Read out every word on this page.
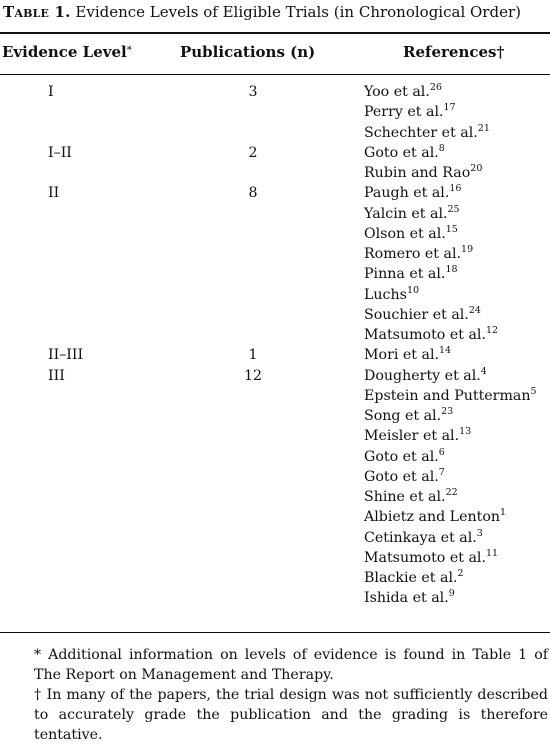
Table 1. Evidence Levels of Eligible Trials (in Chronological Order)
Evidence Level*	Publications (n)	References†
I	3	Yoo et al.$^{26}$
Perry et al.$^{17}$
Schechter et al.$^{21}$
I–II	2	Goto et al.$^8$
Rubin and Rao$^{20}$
II	8	Paugh et al.$^{16}$
Yalcin et al.$^{25}$
Olson et al.$^{15}$
Romero et al.$^{19}$
Pinna et al.$^{18}$
Luchs$^{10}$
Souchier et al.$^{24}$
Matsumoto et al.$^{12}$
II–III	1	Mori et al.$^{14}$
III	12	Dougherty et al.$^4$
Epstein and Putterman$^5$
Song et al.$^{23}$
Meisler et al.$^{13}$
Goto et al.$^6$
Goto et al.$^7$
Shine et al.$^{22}$
Albietz and Lenton$^1$
Cetinkaya et al.$^3$
Matsumoto et al.$^{11}$
Blackie et al.$^2$
Ishida et al.$^9$
* Additional information on levels of evidence is found in Table 1 of The Report on Management and Therapy.
† In many of the papers, the trial design was not sufficiently described to accurately grade the publication and the grading is therefore tentative.
